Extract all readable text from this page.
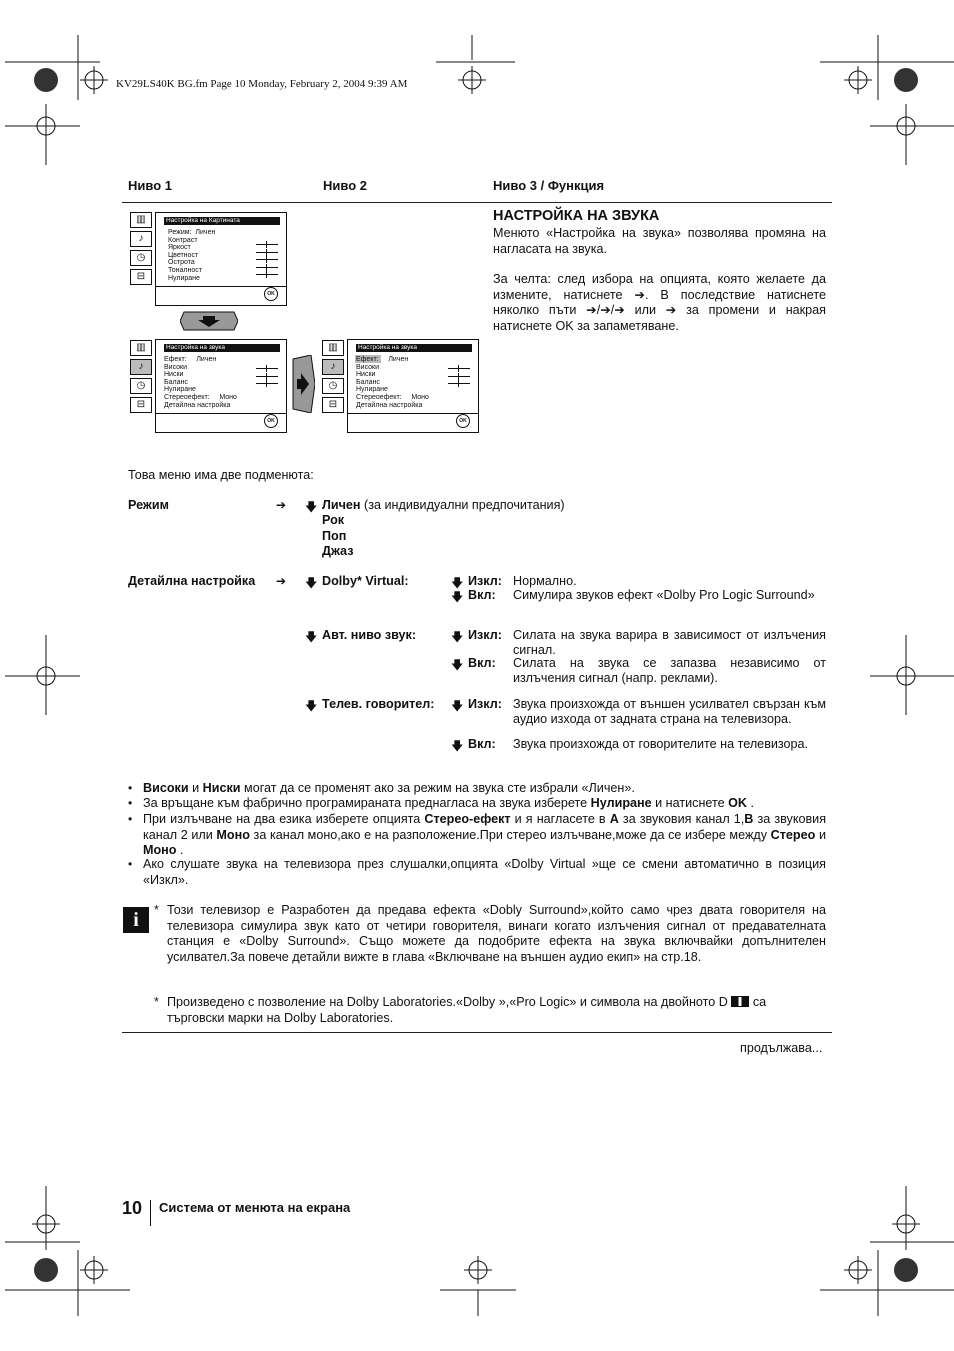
KV29LS40K BG.fm Page 10 Monday, February 2, 2004 9:39 AM
Ниво 1	Ниво 2	Ниво 3 / Функция
▥
♪
◷
⊟
Настройка на Картината
Режим:  Личен
Контраст
Яркост
Цветност
Острота
Тоналност
Нулиране
OK
▥
♪
◷
⊟
Настройка на звука
Ефект:     Личен
Високи
Ниски
Баланс
Нулиране
Стереоефект:     Моно
Детайлна настройка
OK
▥
♪
◷
⊟
Настройка на звука
Ефект:     Личен
Високи
Ниски
Баланс
Нулиране
Стереоефект:     Моно
Детайлна настройка
OK
НАСТРОЙКА НА ЗВУКА
Менюто «Настройка на звука» позволява промяна на нагласата на звука.
За челта: след избора на опцията, която желаете да измените, натиснете ➔. В последствие натиснете няколко пъти ➔/➔/➔ или ➔ за промени и накрая натиснете OK за запаметяване.
Това меню има две подменюта:
Режим	➔ 🡇 Личен (за индивидуални предпочитания)
Рок
Поп
Джаз
Детайлна настройка ➔ 🡇 Dolby* Virtual:	🡇 Изкл: Нормално.
🡇 Вкл: Симулира звуков ефект «Dolby Pro Logic Surround»
🡇 Авт. ниво звук:	🡇 Изкл: Силата на звука варира в зависимост от излъчения сигнал.
🡇 Вкл: Силата на звука се запазва независимо от излъчения сигнал (напр. реклами).
🡇 Телев. говорител: 🡇 Изкл: Звука произхожда от външен усилвател свързан към аудио изхода от задната страна на телевизора.
🡇 Вкл: Звука произхожда от говорителите на телевизора.
• Високи и Ниски могат да се променят ако за режим на звука сте избрали «Личен».
• За връщане към фабрично програмираната преднагласа на звука изберете Нулиране и натиснете OK .
• При излъчване на два езика изберете опцията Стерео-ефект и я нагласете в A за звуковия канал 1,B за звуковия канал 2 или Моно за канал моно,ако е на разположение.При стерео излъчване,може да се избере между Стерео и Моно .
• Ако слушате звука на телевизора през слушалки,опцията «Dolby Virtual »ще се смени автоматично в позиция «Изкл».
i	* Този телевизор е Разработен да предава ефекта «Dobly Surround»,който само чрез двата говорителя на телевизора симулира звук като от четири говорителя, винаги когато излъчения сигнал от предавателната станция е «Dolby Surround». Също можете да подобрите ефекта на звука включвайки допълнителен усилвател.За повече детайли вижте в глава «Включване на външен аудио екип» на стр.18.
* Произведено с позволение на Dolby Laboratories.«Dolby »,«Pro Logic» и символа на двойното D са
търговски марки на Dolby Laboratories.
продължава...
10 Система от менюта на екрана
